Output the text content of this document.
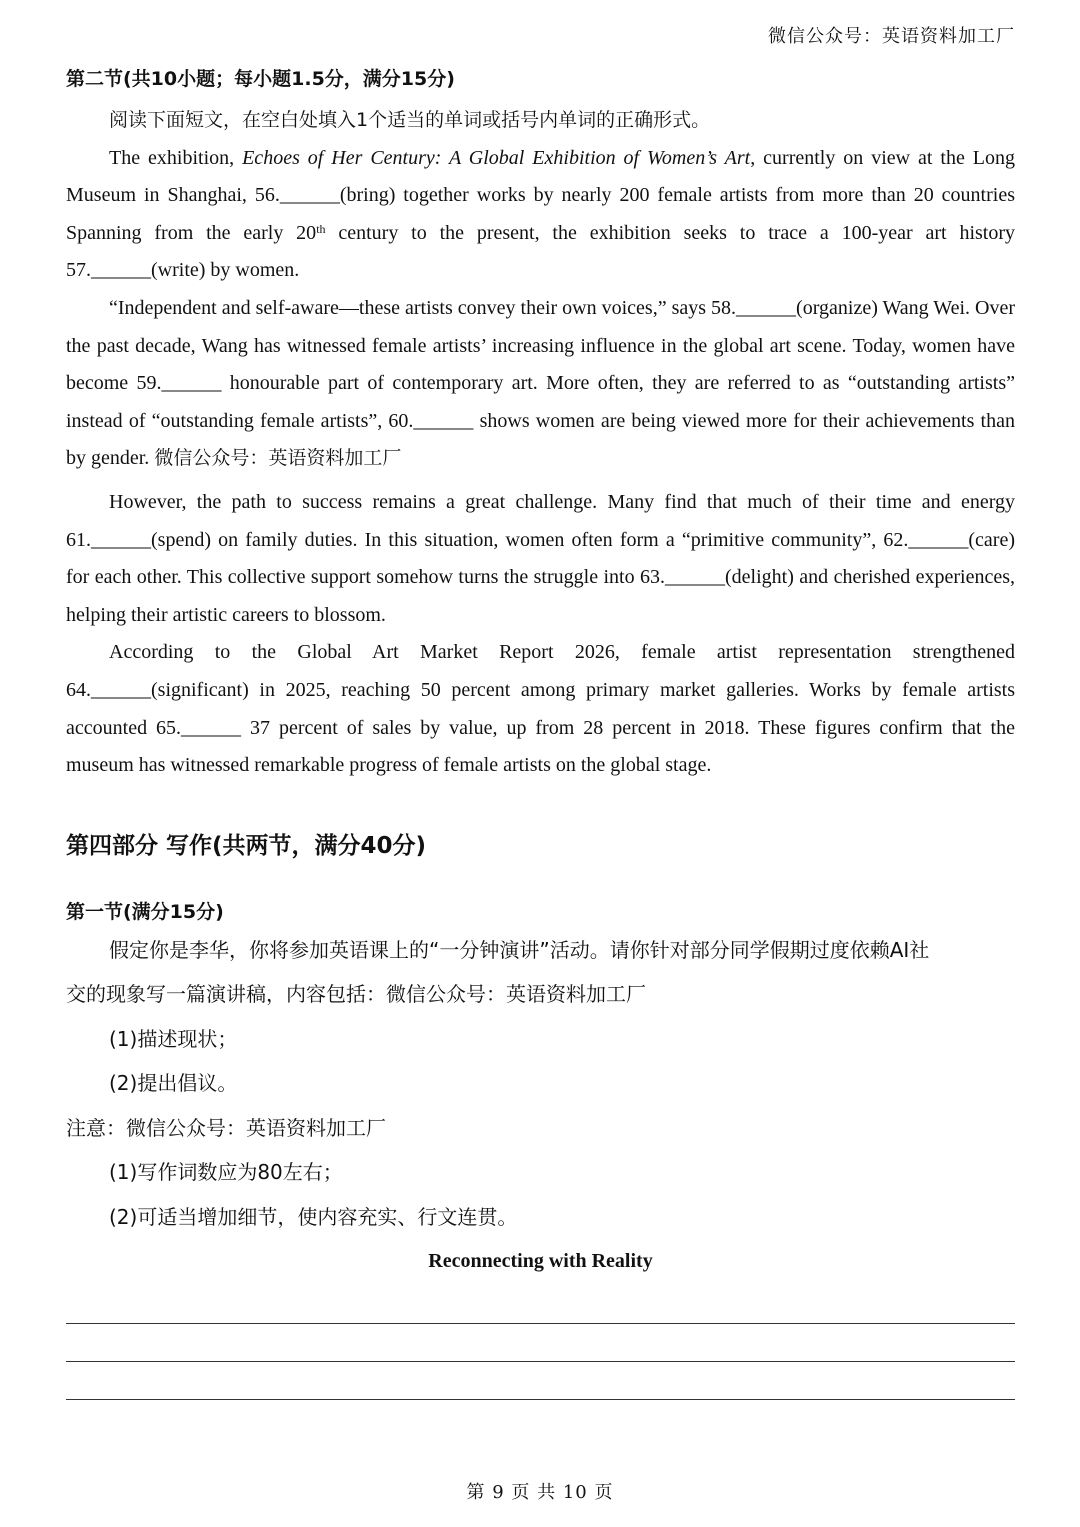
微信公众号：英语资料加工厂
第二节(共10小题；每小题1.5分，满分15分)

阅读下面短文，在空白处填入1个适当的单词或括号内单词的正确形式。

The exhibition, Echoes of Her Century: A Global Exhibition of Women’s Art, currently on view at the Long Museum in Shanghai, 56.______(bring) together works by nearly 200 female artists from more than 20 countries Spanning from the early 20th century to the present, the exhibition seeks to trace a 100-year art history 57.______(write) by women.

“Independent and self-aware—these artists convey their own voices,” says 58.______(organize) Wang Wei. Over the past decade, Wang has witnessed female artists’ increasing influence in the global art scene. Today, women have become 59.______ honourable part of contemporary art. More often, they are referred to as “outstanding artists” instead of “outstanding female artists”, 60.______ shows women are being viewed more for their achievements than by gender. 微信公众号：英语资料加工厂

However, the path to success remains a great challenge. Many find that much of their time and energy 61.______(spend) on family duties. In this situation, women often form a “primitive community”, 62.______(care) for each other. This collective support somehow turns the struggle into 63.______(delight) and cherished experiences, helping their artistic careers to blossom.

According to the Global Art Market Report 2026, female artist representation strengthened 64.______(significant) in 2025, reaching 50 percent among primary market galleries. Works by female artists accounted 65.______ 37 percent of sales by value, up from 28 percent in 2018. These figures confirm that the museum has witnessed remarkable progress of female artists on the global stage.

第四部分 写作(共两节，满分40分)
第一节(满分15分)

假定你是李华，你将参加英语课上的“一分钟演讲”活动。请你针对部分同学假期过度依赖AI社

交的现象写一篇演讲稿，内容包括：微信公众号：英语资料加工厂

(1)描述现状；

(2)提出倡议。

注意：微信公众号：英语资料加工厂

(1)写作词数应为80左右；

(2)可适当增加细节，使内容充实、行文连贯。

Reconnecting with Reality
第 9 页 共 10 页
